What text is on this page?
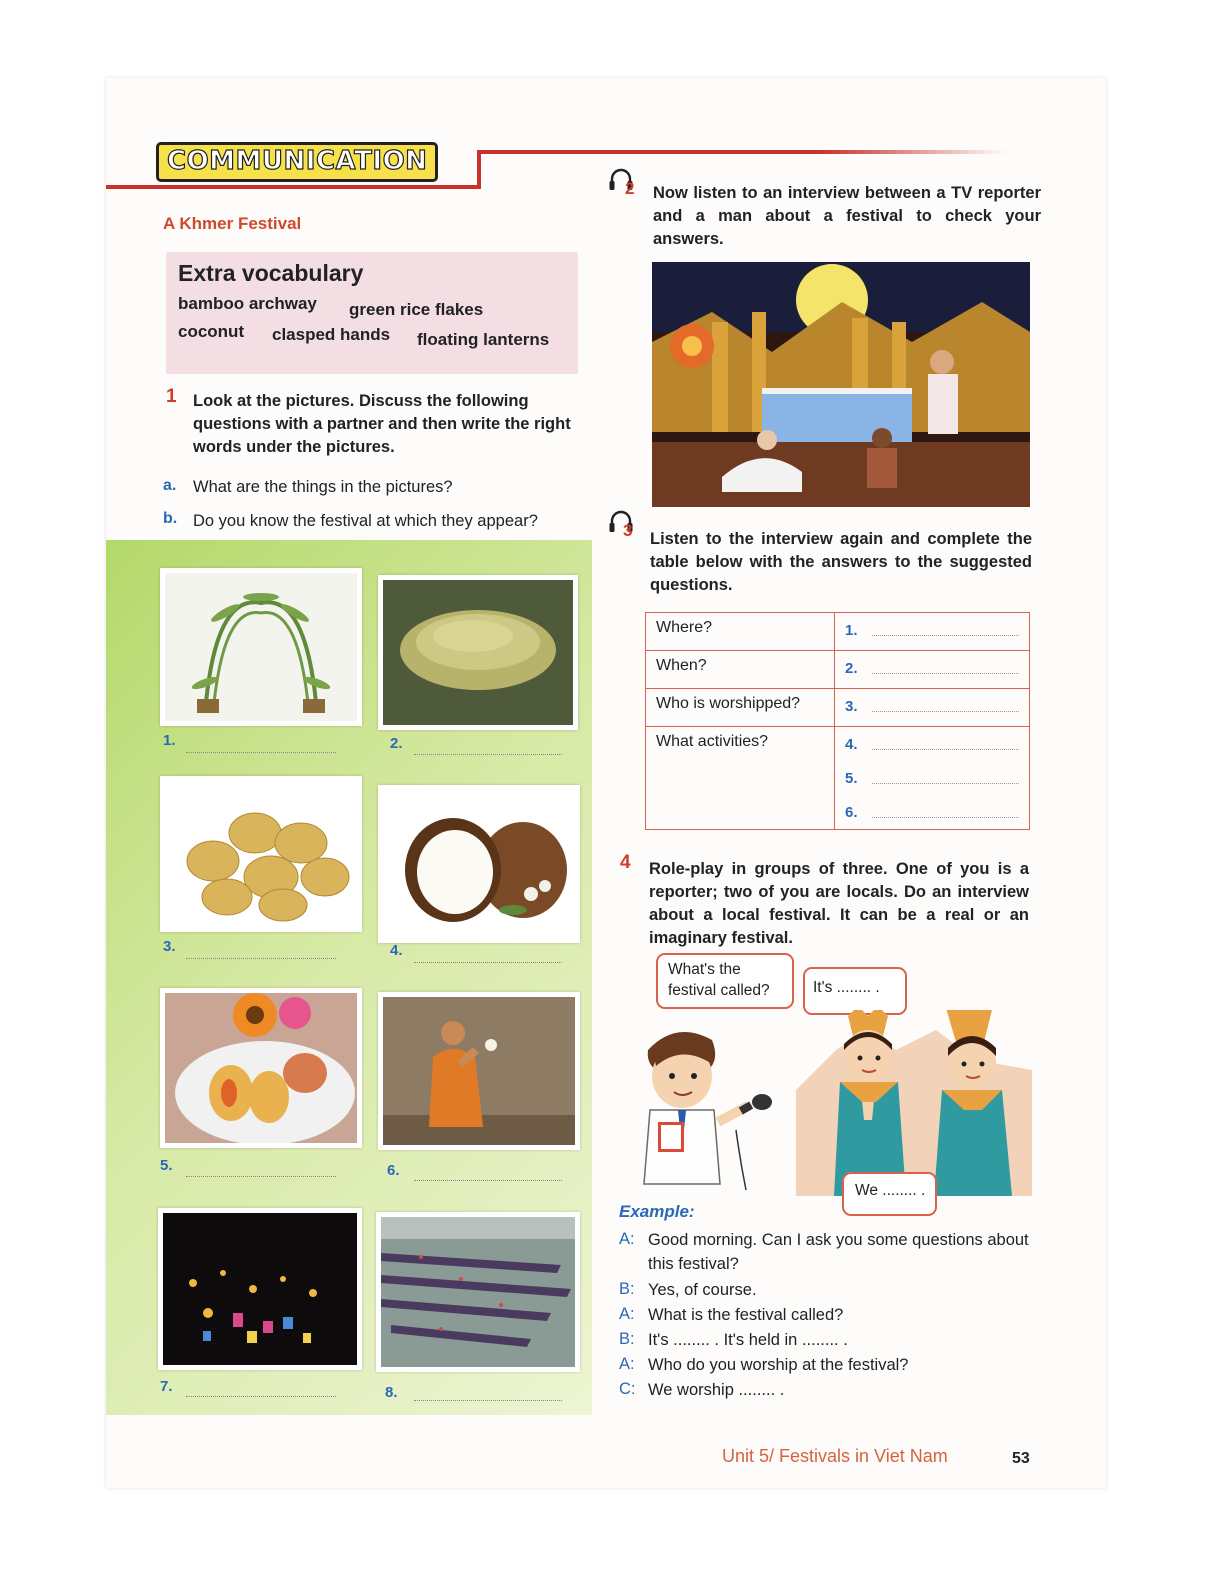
COMMUNICATION
A Khmer Festival
Extra vocabulary
bamboo archway green rice flakes
coconut clasped hands floating lanterns
1 Look at the pictures. Discuss the following questions with a partner and then write the right words under the pictures.
a. What are the things in the pictures?
b. Do you know the festival at which they appear?
1.	2.
3.	4.
5.	6.
7.	8.
2 Now listen to an interview between a TV reporter and a man about a festival to check your answers.
3 Listen to the interview again and complete the table below with the answers to the suggested questions.
Where?	1.

When?	2.

Who is worshipped?	3.

What activities?	4.
5.
6.
4 Role-play in groups of three. One of you is a reporter; two of you are locals. Do an interview about a local festival. It can be a real or an imaginary festival.
What's the festival called?	It's ........ .
We ........ .
Example:
A: Good morning. Can I ask you some questions about this festival?
B: Yes, of course.
A: What is the festival called?
B: It's ........ . It's held in ........ .
A: Who do you worship at the festival?
C: We worship ........ .
Unit 5/ Festivals in Viet Nam	53
